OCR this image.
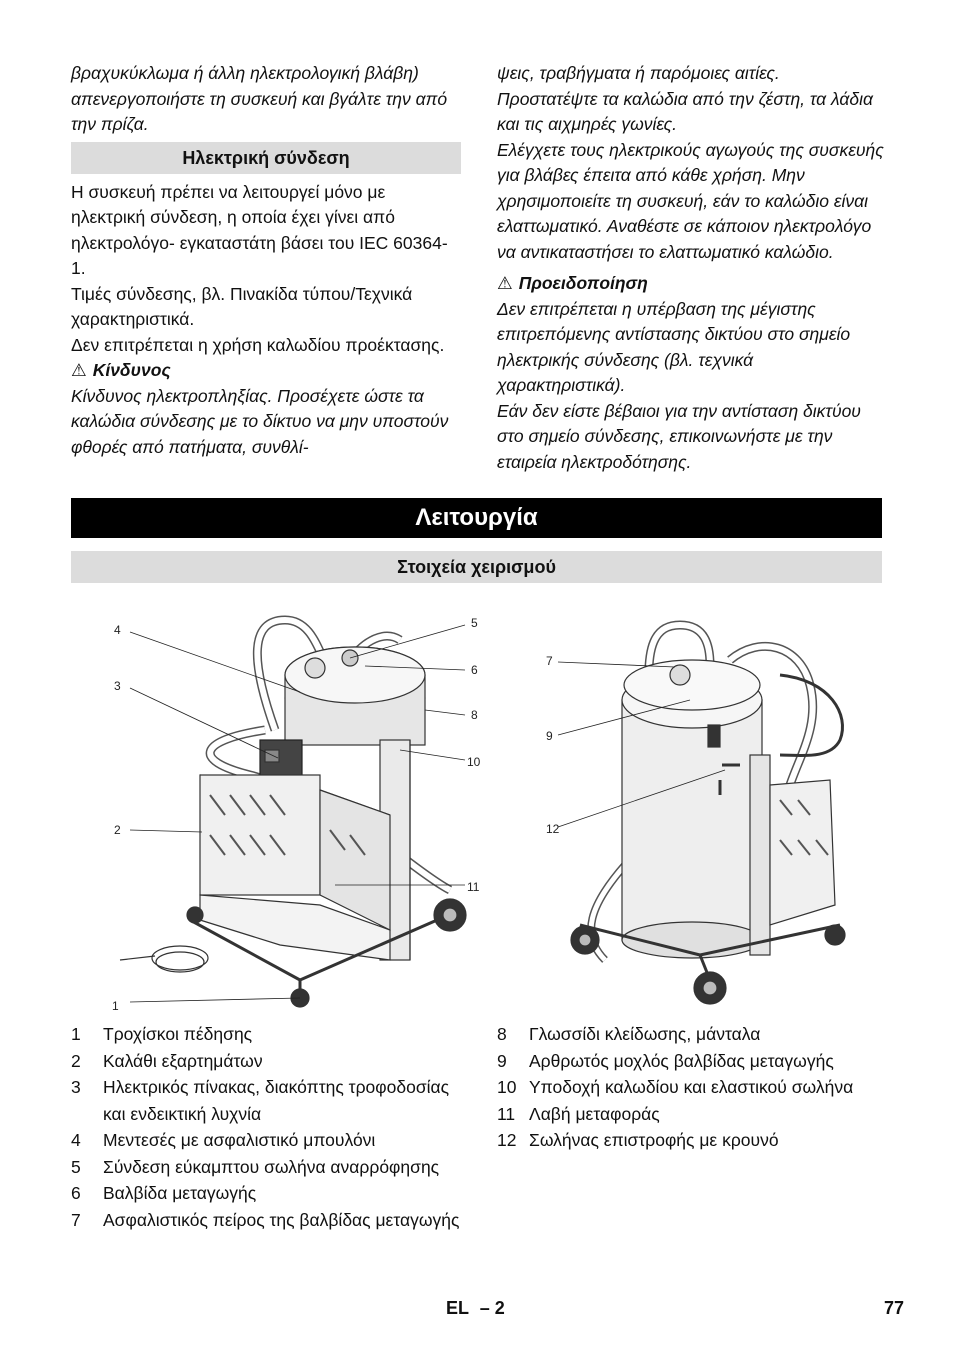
βραχυκύκλωμα ή άλλη ηλεκτρολογική βλάβη) απενεργοποιήστε τη συσκευή και βγάλτε την από την πρίζα.

Ηλεκτρική σύνδεση

Η συσκευή πρέπει να λειτουργεί μόνο με ηλεκτρική σύνδεση, η οποία έχει γίνει από ηλεκτρολόγο- εγκαταστάτη βάσει του IEC 60364-1.

Τιμές σύνδεσης, βλ. Πινακίδα τύπου/Τεχνικά χαρακτηριστικά.

Δεν επιτρέπεται η χρήση καλωδίου προέκτασης.

⚠ Κίνδυνος

Κίνδυνος ηλεκτροπληξίας. Προσέχετε ώστε τα καλώδια σύνδεσης με το δίκτυο να μην υποστούν φθορές από πατήματα, συνθλί-

ψεις, τραβήγματα ή παρόμοιες αιτίες. Προστατέψτε τα καλώδια από την ζέστη, τα λάδια και τις αιχμηρές γωνίες.

Ελέγχετε τους ηλεκτρικούς αγωγούς της συσκευής για βλάβες έπειτα από κάθε χρήση. Μην χρησιμοποιείτε τη συσκευή, εάν το καλώδιο είναι ελαττωματικό. Αναθέστε σε κάποιον ηλεκτρολόγο να αντικαταστήσει το ελαττωματικό καλώδιο.

⚠ Προειδοποίηση

Δεν επιτρέπεται η υπέρβαση της μέγιστης επιτρεπόμενης αντίστασης δικτύου στο σημείο ηλεκτρικής σύνδεσης (βλ. τεχνικά χαρακτηριστικά).

Εάν δεν είστε βέβαιοι για την αντίσταση δικτύου στο σημείο σύνδεσης, επικοινωνήστε με την εταιρεία ηλεκτροδότησης.

Λειτουργία
Στοιχεία χειρισμού
4
3
2
1
5
6
8
10
11
7
9
12
1	Τροχίσκοι πέδησης
2	Καλάθι εξαρτημάτων
3	Ηλεκτρικός πίνακας, διακόπτης τροφοδοσίας και ενδεικτική λυχνία
4	Μεντεσές με ασφαλιστικό μπουλόνι
5	Σύνδεση εύκαμπτου σωλήνα αναρρόφησης
6	Βαλβίδα μεταγωγής
7	Ασφαλιστικός πείρος της βαλβίδας μεταγωγής
8	Γλωσσίδι κλείδωσης, μάνταλα
9	Αρθρωτός μοχλός βαλβίδας μεταγωγής
10 Υποδοχή καλωδίου και ελαστικού σωλήνα
11 Λαβή μεταφοράς
12 Σωλήνας επιστροφής με κρουνό
EL – 2	77
